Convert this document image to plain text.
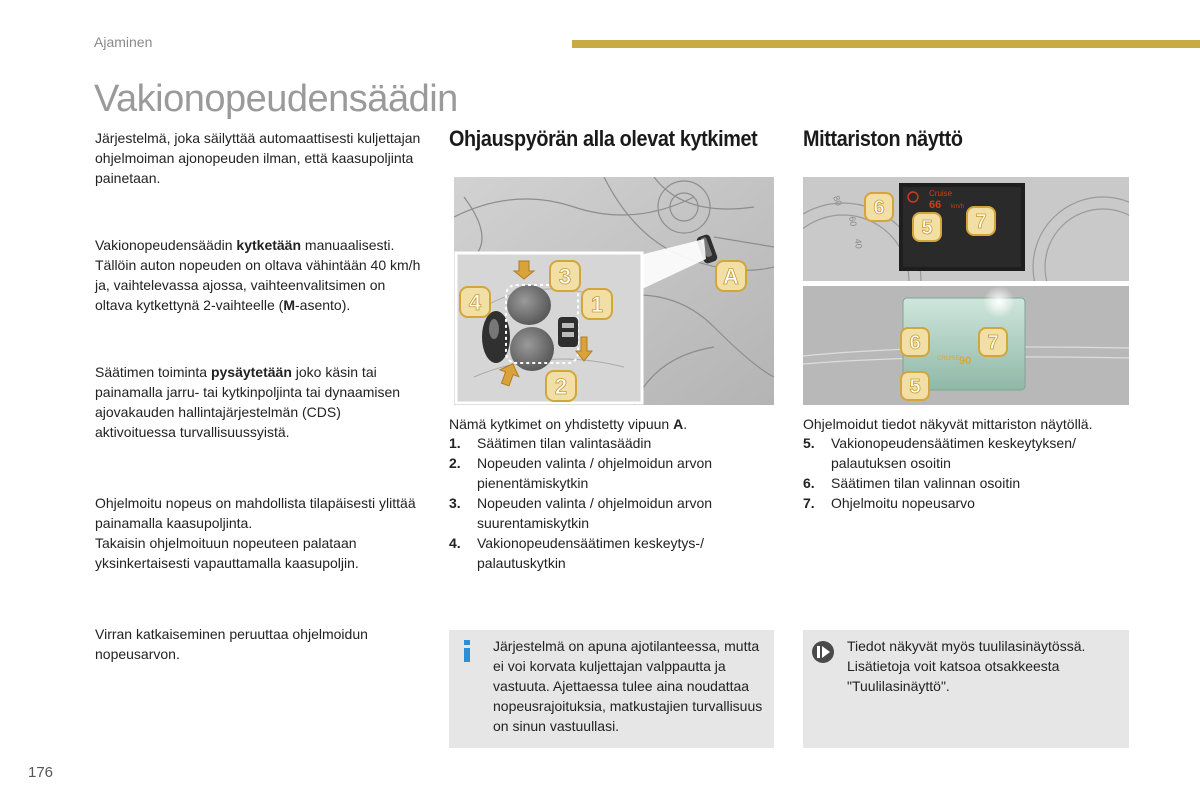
Ajaminen
Vakionopeudensäädin
Järjestelmä, joka säilyttää automaattisesti kuljettajan ohjelmoiman ajonopeuden ilman, että kaasupoljinta painetaan.
Vakionopeudensäädin kytketään manuaalisesti. Tällöin auton nopeuden on oltava vähintään 40 km/h ja, vaihtelevassa ajossa, vaihteenvalitsimen on oltava kytkettynä 2-vaihteelle (M-asento).
Säätimen toiminta pysäytetään joko käsin tai painamalla jarru- tai kytkinpoljinta tai dynaamisen ajovakauden hallintajärjestelmän (CDS) aktivoituessa turvallisuussyistä.
Ohjelmoitu nopeus on mahdollista tilapäisesti ylittää painamalla kaasupoljinta.
Takaisin ohjelmoituun nopeuteen palataan yksinkertaisesti vapauttamalla kaasupoljin.
Virran katkaiseminen peruuttaa ohjelmoidun nopeusarvon.
Ohjauspyörän alla olevat kytkimet
3
4	1
2
A
Nämä kytkimet on yhdistetty vipuun A.
1.	Säätimen tilan valintasäädin
2.	Nopeuden valinta / ohjelmoidun arvon pienentämiskytkin
3.	Nopeuden valinta / ohjelmoidun arvon suurentamiskytkin
4.	Vakionopeudensäätimen keskeytys-/ palautuskytkin
Järjestelmä on apuna ajotilanteessa, mutta ei voi korvata kuljettajan valppautta ja vastuuta. Ajettaessa tulee aina noudattaa nopeusrajoituksia, matkustajien turvallisuus on sinun vastuullasi.
Mittariston näyttö
80
60
40
Cruise
66 km/h
6
5 7
CRUISE 90
6	7
5
Ohjelmoidut tiedot näkyvät mittariston näytöllä.
5.	Vakionopeudensäätimen keskeytyksen/ palautuksen osoitin
6.	Säätimen tilan valinnan osoitin
7.	Ohjelmoitu nopeusarvo
Tiedot näkyvät myös tuulilasinäytössä. Lisätietoja voit katsoa otsakkeesta "Tuulilasinäyttö".
176
